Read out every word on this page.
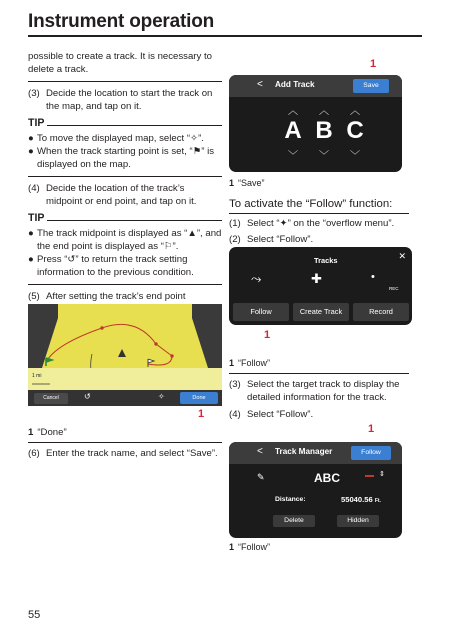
Instrument operation

possible to create a track. It is necessary to delete a track.

(3) Decide the location to start the track on the map, and tap on it.
TIP
● To move the displayed map, select “✧”.
● When the track starting point is set, “⚑” is displayed on the map.
(4) Decide the location of the track’s midpoint or end point, and tap on it.
TIP
● The track midpoint is displayed as “▲”, and the end point is displayed as “⚐”.
● Press “↺” to return the track setting information to the previous condition.
(5) After setting the track’s end point
1 mi
Cancel	↺	✧	Done
1
1 “Done”
(6) Enter the track name, and select “Save”.
1
< Add Track	Save
︿	︿	︿
A B C
﹀	﹀	﹀
1 “Save”
To activate the “Follow” function:
(1) Select “✦” on the “overflow menu”.
(2) Select “Follow”.
Tracks	✕
⤳	✚	•
REC
Follow	Create Track	Record
1
1 “Follow”
(3) Select the target track to display the detailed information for the track.
(4) Select “Follow”.
1
< Track Manager	Follow
✎	ABC	⇕
Distance:	55040.56 Ft.
Delete	Hidden
1 “Follow”
55
